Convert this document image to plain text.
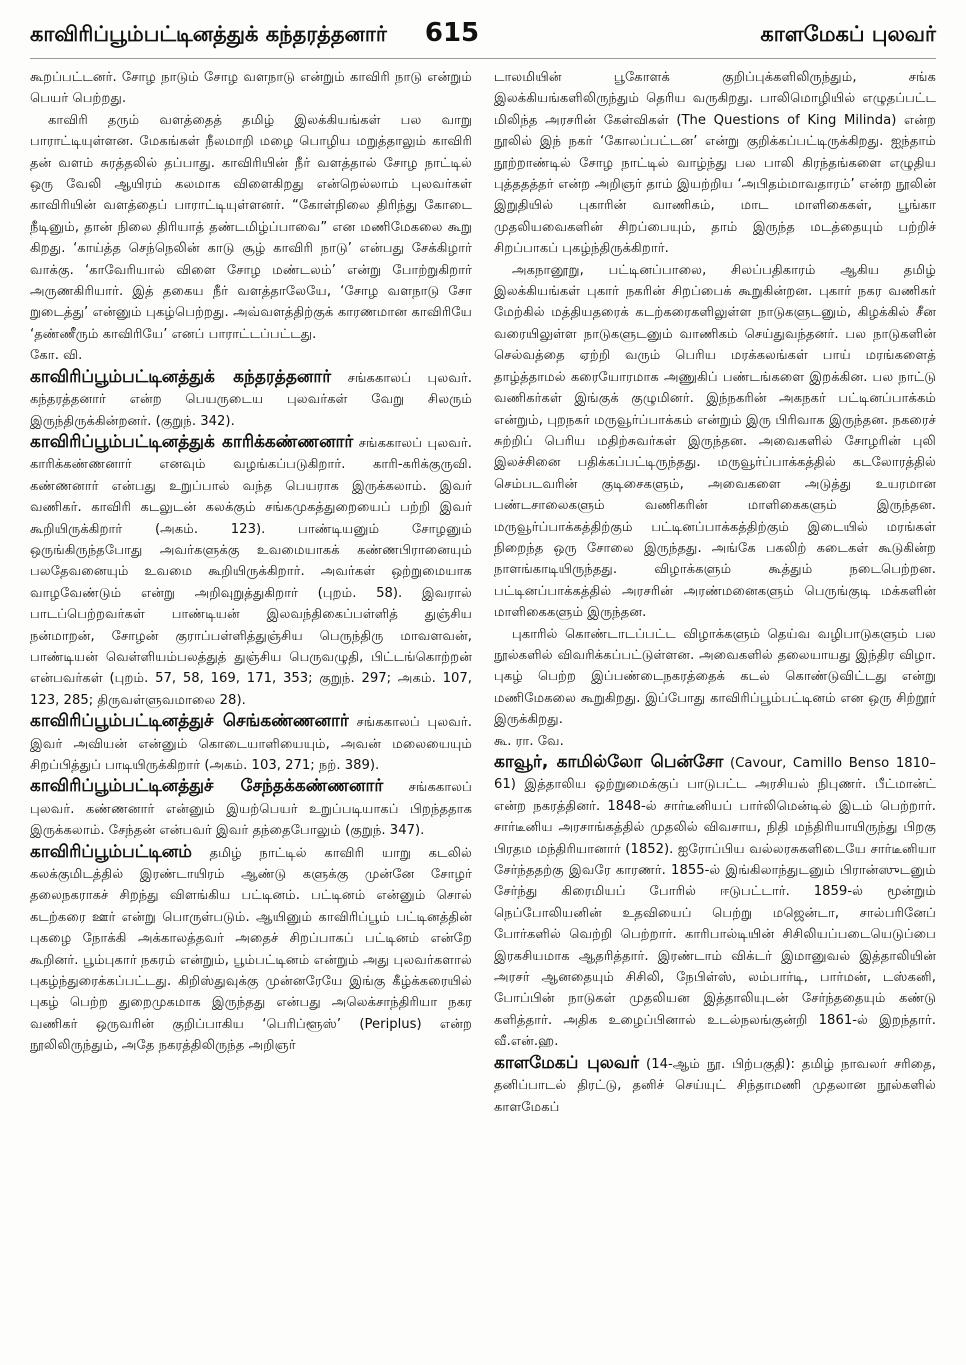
காவிரிப்பூம்பட்டினத்துக் கந்தரத்தனார் 615	காளமேகப் புலவர்

கூறப்பட்டனர். சோழ நாடும் சோழ வளநாடு என்றும் காவிரி நாடு என்றும் பெயர் பெற்றது.

காவிரி தரும் வளத்தைத் தமிழ் இலக்கியங்கள் பல வாறு பாராட்டியுள்ளன. மேகங்கள் நீலமாறி மழை பொழிய மறுத்தாலும் காவிரி தன் வளம் சுரத்தலில் தப்பாது. காவிரியின் நீர் வளத்தால் சோழ நாட்டில் ஒரு வேலி ஆயிரம் கலமாக விளைகிறது என்றெல்லாம் புலவர்கள் காவிரியின் வளத்தைப் பாராட்டியுள்ளனர். “கோள்நிலை திரிந்து கோடை நீடினும், தான் நிலை திரியாத் தண்டமிழ்ப்பாவை” என மணிமேகலை கூறு கிறது. ‘காய்த்த செந்நெலின் காடு சூழ் காவிரி நாடு’ என்பது சேக்கிழார் வாக்கு. ‘காவேரியால் விளை சோழ மண்டலம்’ என்று போற்றுகிறார் அருணகிரியார். இத் தகைய நீர் வளத்தாலேயே, ‘சோழ வளநாடு சோ றுடைத்து’ என்னும் புகழ்பெற்றது. அவ்வளத்திற்குக் காரணமான காவிரியே ‘தண்ணீரும் காவிரியே’ எனப் பாராட்டப்பட்டது.

கோ. வி.

காவிரிப்பூம்பட்டினத்துக் கந்தரத்தனார் சங்ககாலப் புலவர். கந்தரத்தனார் என்ற பெயருடைய புலவர்கள் வேறு சிலரும் இருந்திருக்கின்றனர். (குறுந். 342).

காவிரிப்பூம்பட்டினத்துக் காரிக்கண்ணனார் சங்ககாலப் புலவர். காரிக்கண்ணனார் எனவும் வழங்கப்படுகிறார். காரி-கரிக்குருவி. கண்ணனார் என்பது உறுப்பால் வந்த பெயராக இருக்கலாம். இவர் வணிகர். காவிரி கடலுடன் கலக்கும் சங்கமுகத்துறையைப் பற்றி இவர் கூறியிருக்கிறார் (அகம். 123). பாண்டியனும் சோழனும் ஒருங்கிருந்தபோது அவர்களுக்கு உவமையாகக் கண்ணபிரானையும் பலதேவனையும் உவமை கூறியிருக்கிறார். அவர்கள் ஒற்றுமையாக வாழவேண்டும் என்று அறிவுறுத்துகிறார் (புறம். 58). இவரால் பாடப்பெற்றவர்கள் பாண்டியன் இலவந்திகைப்பள்ளித் துஞ்சிய நன்மாறன், சோழன் குராப்பள்ளித்துஞ்சிய பெருந்திரு மாவளவன், பாண்டியன் வெள்ளியம்பலத்துத் துஞ்சிய பெருவழுதி, பிட்டங்கொற்றன் என்பவர்கள் (புறம். 57, 58, 169, 171, 353; குறுந். 297; அகம். 107, 123, 285; திருவள்ளுவமாலை 28).

காவிரிப்பூம்பட்டினத்துச் செங்கண்ணனார் சங்ககாலப் புலவர். இவர் அவியன் என்னும் கொடையாளியையும், அவன் மலையையும் சிறப்பித்துப் பாடியிருக்கிறார் (அகம். 103, 271; நற். 389).

காவிரிப்பூம்பட்டினத்துச் சேந்தக்கண்ணனார் சங்ககாலப் புலவர். கண்ணனார் என்னும் இயற்பெயர் உறுப்படியாகப் பிறந்ததாக இருக்கலாம். சேந்தன் என்பவர் இவர் தந்தைபோலும் (குறுந். 347).

காவிரிப்பூம்பட்டினம் தமிழ் நாட்டில் காவிரி யாறு கடலில் கலக்குமிடத்தில் இரண்டாயிரம் ஆண்டு களுக்கு முன்னே சோழர் தலைநகராகச் சிறந்து விளங்கிய பட்டினம். பட்டினம் என்னும் சொல் கடற்கரை ஊர் என்று பொருள்படும். ஆயினும் காவிரிப்பூம் பட்டினத்தின் புகழை நோக்கி அக்காலத்தவர் அதைச் சிறப்பாகப் பட்டினம் என்றே கூறினர். பூம்புகார் நகரம் என்றும், பூம்பட்டினம் என்றும் அது புலவர்களால் புகழ்ந்துரைக்கப்பட்டது. கிறிஸ்துவுக்கு முன்னரேயே இங்கு கீழ்க்கரையில் புகழ் பெற்ற துறைமுகமாக இருந்தது என்பது அலெக்சாந்திரியா நகர வணிகர் ஒருவரின் குறிப்பாகிய ‘பெரிப்ளூஸ்’ (Periplus) என்ற நூலிலிருந்தும், அதே நகரத்திலிருந்த அறிஞர்

டாலமியின் பூகோளக் குறிப்புக்களிலிருந்தும், சங்க இலக்கியங்களிலிருந்தும் தெரிய வருகிறது. பாலிமொழியில் எழுதப்பட்ட மிலிந்த அரசரின் கேள்விகள் (The Questions of King Milinda) என்ற நூலில் இந் நகர் ‘கோலப்பட்டன’ என்று குறிக்கப்பட்டிருக்கிறது. ஐந்தாம் நூற்றாண்டில் சோழ நாட்டில் வாழ்ந்து பல பாலி கிரந்தங்களை எழுதிய புத்ததத்தர் என்ற அறிஞர் தாம் இயற்றிய ‘அபிதம்மாவதாரம்’ என்ற நூலின் இறுதியில் புகாரின் வாணிகம், மாட மாளிகைகள், பூங்கா முதலியவைகளின் சிறப்பையும், தாம் இருந்த மடத்தையும் பற்றிச் சிறப்பாகப் புகழ்ந்திருக்கிறார்.

அகநானூறு, பட்டினப்பாலை, சிலப்பதிகாரம் ஆகிய தமிழ் இலக்கியங்கள் புகார் நகரின் சிறப்பைக் கூறுகின்றன. புகார் நகர வணிகர் மேற்கில் மத்தியதரைக் கடற்கரைகளிலுள்ள நாடுகளுடனும், கிழக்கில் சீன வரையிலுள்ள நாடுகளுடனும் வாணிகம் செய்துவந்தனர். பல நாடுகளின் செல்வத்தை ஏற்றி வரும் பெரிய மரக்கலங்கள் பாய் மரங்களைத் தாழ்த்தாமல் கரையோரமாக அணுகிப் பண்டங்களை இறக்கின. பல நாட்டு வணிகர்கள் இங்குக் குழுமினர். இந்நகரின் அகநகர் பட்டினப்பாக்கம் என்றும், புறநகர் மருவூர்ப்பாக்கம் என்றும் இரு பிரிவாக இருந்தன. நகரைச் சுற்றிப் பெரிய மதிற்சுவர்கள் இருந்தன. அவைகளில் சோழரின் புலி இலச்சினை பதிக்கப்பட்டிருந்தது. மருவூர்ப்பாக்கத்தில் கடலோரத்தில் செம்படவரின் குடிசைகளும், அவைகளை அடுத்து உயரமான பண்டசாலைகளும் வணிகரின் மாளிகைகளும் இருந்தன. மருவூர்ப்பாக்கத்திற்கும் பட்டினப்பாக்கத்திற்கும் இடையில் மரங்கள் நிறைந்த ஒரு சோலை இருந்தது. அங்கே பகலிற் கடைகள் கூடுகின்ற நாளங்காடியிருந்தது. விழாக்களும் கூத்தும் நடைபெற்றன. பட்டினப்பாக்கத்தில் அரசரின் அரண்மனைகளும் பெருங்குடி மக்களின் மாளிகைகளும் இருந்தன.

புகாரில் கொண்டாடப்பட்ட விழாக்களும் தெய்வ வழிபாடுகளும் பல நூல்களில் விவரிக்கப்பட்டுள்ளன. அவைகளில் தலையாயது இந்திர விழா. புகழ் பெற்ற இப்பண்டைநகரத்தைக் கடல் கொண்டுவிட்டது என்று மணிமேகலை கூறுகிறது. இப்போது காவிரிப்பூம்பட்டினம் என ஒரு சிற்றூர் இருக்கிறது.

கூ. ரா. வே.

காவூர், காமில்லோ பென்சோ (Cavour, Camillo Benso 1810–61) இத்தாலிய ஒற்றுமைக்குப் பாடுபட்ட அரசியல் நிபுணர். பீட்மான்ட் என்ற நகரத்தினர். 1848-ல் சார்டீனியப் பார்லிமென்டில் இடம் பெற்றார். சார்டீனிய அரசாங்கத்தில் முதலில் விவசாய, நிதி மந்திரியாயிருந்து பிறகு பிரதம மந்திரியானார் (1852). ஐரோப்பிய வல்லரசுகளிடையே சார்டீனியா சேர்ந்ததற்கு இவரே காரணர். 1855-ல் இங்கிலாந்துடனும் பிரான்ஸுடனும் சேர்ந்து கிரைமியப் போரில் ஈடுபட்டார். 1859-ல் மூன்றும் நெப்போலியனின் உதவியைப் பெற்று மஜென்டா, சால்பரினேப் போர்களில் வெற்றி பெற்றார். காரிபால்டியின் சிசிலியப்படையெடுப்பை இரகசியமாக ஆதரித்தார். இரண்டாம் விக்டர் இமானுவல் இத்தாலியின் அரசர் ஆனதையும் சிசிலி, நேபிள்ஸ், லம்பார்டி, பார்மன், டஸ்கனி, போப்பின் நாடுகள் முதலியன இத்தாலியுடன் சேர்ந்ததையும் கண்டு களித்தார். அதிக உழைப்பினால் உடல்நலங்குன்றி 1861-ல் இறந்தார். வீ.என்.ஹ.

காளமேகப் புலவர் (14-ஆம் நூ. பிற்பகுதி): தமிழ் நாவலர் சரிதை, தனிப்பாடல் திரட்டு, தனிச் செய்யுட் சிந்தாமணி முதலான நூல்களில் காளமேகப்
